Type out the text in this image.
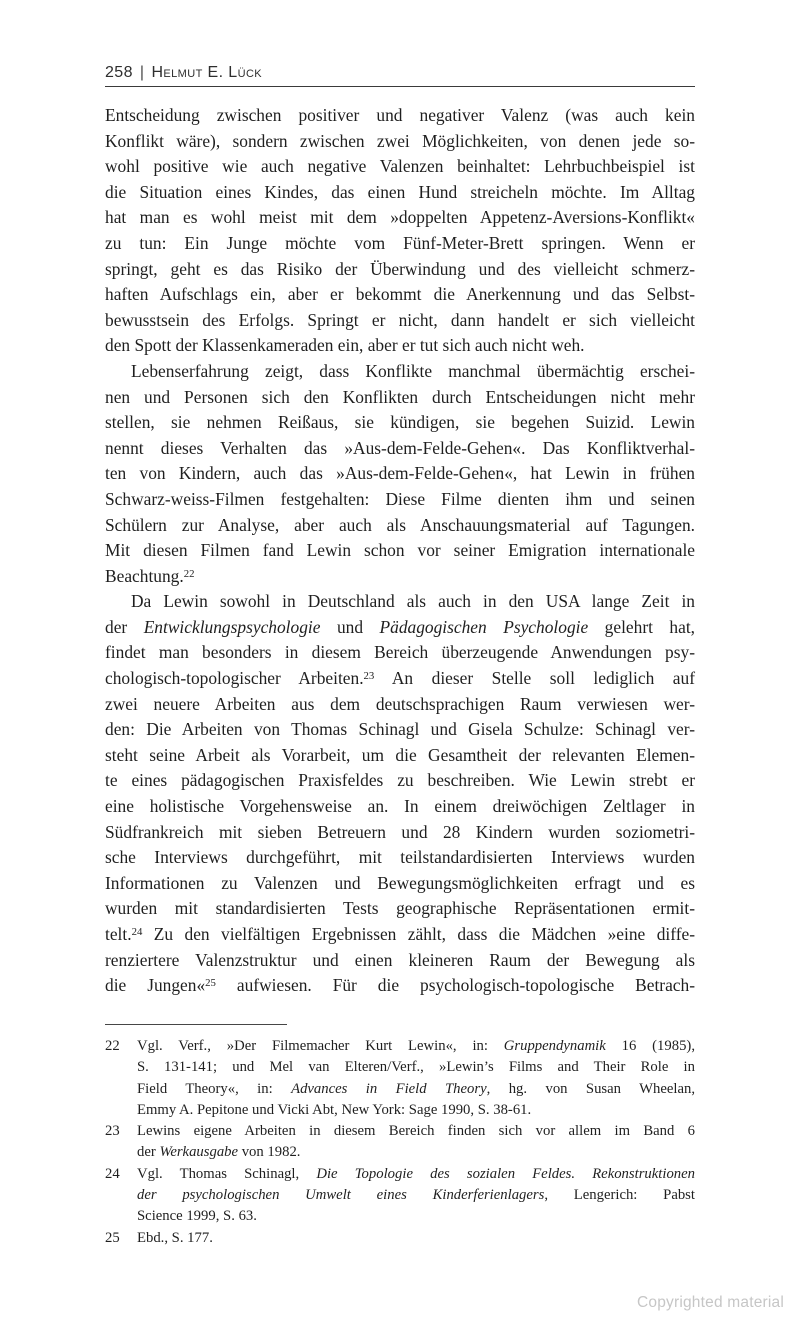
258 | Helmut E. Lück
Entscheidung zwischen positiver und negativer Valenz (was auch kein
Konflikt wäre), sondern zwischen zwei Möglichkeiten, von denen jede so-
wohl positive wie auch negative Valenzen beinhaltet: Lehrbuchbeispiel ist
die Situation eines Kindes, das einen Hund streicheln möchte. Im Alltag
hat man es wohl meist mit dem »doppelten Appetenz-Aversions-Konflikt«
zu tun: Ein Junge möchte vom Fünf-Meter-Brett springen. Wenn er
springt, geht es das Risiko der Überwindung und des vielleicht schmerz-
haften Aufschlags ein, aber er bekommt die Anerkennung und das Selbst-
bewusstsein des Erfolgs. Springt er nicht, dann handelt er sich vielleicht
den Spott der Klassenkameraden ein, aber er tut sich auch nicht weh.
Lebenserfahrung zeigt, dass Konflikte manchmal übermächtig erschei-
nen und Personen sich den Konflikten durch Entscheidungen nicht mehr
stellen, sie nehmen Reißaus, sie kündigen, sie begehen Suizid. Lewin
nennt dieses Verhalten das »Aus-dem-Felde-Gehen«. Das Konfliktverhal-
ten von Kindern, auch das »Aus-dem-Felde-Gehen«, hat Lewin in frühen
Schwarz-weiss-Filmen festgehalten: Diese Filme dienten ihm und seinen
Schülern zur Analyse, aber auch als Anschauungsmaterial auf Tagungen.
Mit diesen Filmen fand Lewin schon vor seiner Emigration internationale
Beachtung.$^{22}$
Da Lewin sowohl in Deutschland als auch in den USA lange Zeit in
der Entwicklungspsychologie und Pädagogischen Psychologie gelehrt hat,
findet man besonders in diesem Bereich überzeugende Anwendungen psy-
chologisch-topologischer Arbeiten.$^{23}$ An dieser Stelle soll lediglich auf
zwei neuere Arbeiten aus dem deutschsprachigen Raum verwiesen wer-
den: Die Arbeiten von Thomas Schinagl und Gisela Schulze: Schinagl ver-
steht seine Arbeit als Vorarbeit, um die Gesamtheit der relevanten Elemen-
te eines pädagogischen Praxisfeldes zu beschreiben. Wie Lewin strebt er
eine holistische Vorgehensweise an. In einem dreiwöchigen Zeltlager in
Südfrankreich mit sieben Betreuern und 28 Kindern wurden soziometri-
sche Interviews durchgeführt, mit teilstandardisierten Interviews wurden
Informationen zu Valenzen und Bewegungsmöglichkeiten erfragt und es
wurden mit standardisierten Tests geographische Repräsentationen ermit-
telt.$^{24}$ Zu den vielfältigen Ergebnissen zählt, dass die Mädchen »eine diffe-
renziertere Valenzstruktur und einen kleineren Raum der Bewegung als
die Jungen«$^{25}$ aufwiesen. Für die psychologisch-topologische Betrach-
22	Vgl. Verf., »Der Filmemacher Kurt Lewin«, in: Gruppendynamik 16 (1985),
S. 131-141; und Mel van Elteren/Verf., »Lewin’s Films and Their Role in
Field Theory«, in: Advances in Field Theory, hg. von Susan Wheelan,
Emmy A. Pepitone und Vicki Abt, New York: Sage 1990, S. 38-61.
23	Lewins eigene Arbeiten in diesem Bereich finden sich vor allem im Band 6
der Werkausgabe von 1982.
24	Vgl. Thomas Schinagl, Die Topologie des sozialen Feldes. Rekonstruktionen
der psychologischen Umwelt eines Kinderferienlagers, Lengerich: Pabst
Science 1999, S. 63.
25	Ebd., S. 177.
Copyrighted material
